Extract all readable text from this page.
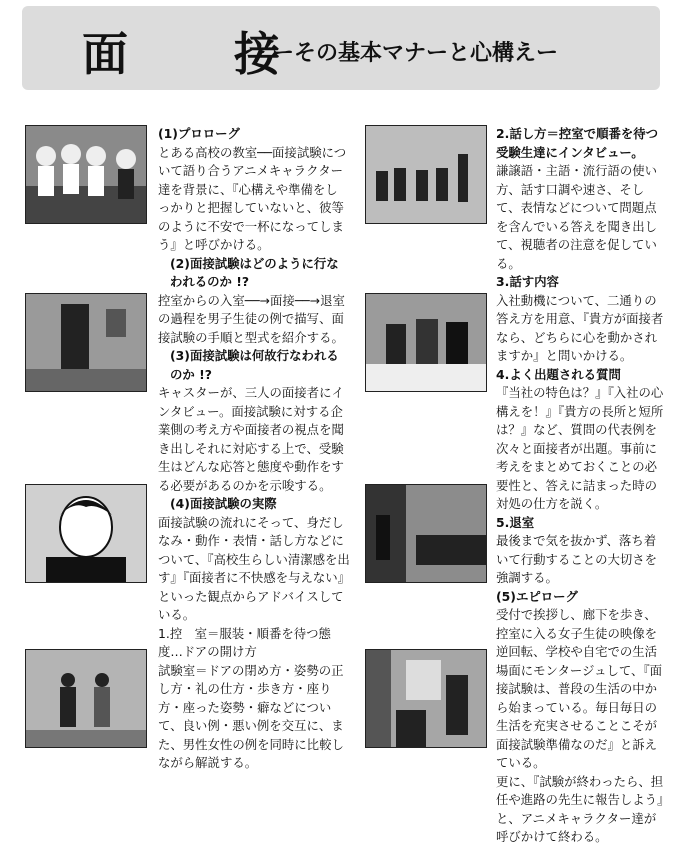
面　接
ーその基本マナーと心構えー

(1)プロローグ

とある高校の教室──面接試験について語り合うアニメキャラクター達を背景に、『心構えや準備をしっかりと把握していないと、彼等のように不安で一杯になってしまう』と呼びかける。

(2)面接試験はどのように行なわれるのか !?

控室からの入室──→面接──→退室の過程を男子生徒の例で描写、面接試験の手順と型式を紹介する。

(3)面接試験は何故行なわれるのか !?

キャスターが、三人の面接者にインタビュー。面接試験に対する企業側の考え方や面接者の視点を聞き出しそれに対応する上で、受験生はどんな応答と態度や動作をする必要があるのかを示唆する。

(4)面接試験の実際

面接試験の流れにそって、身だしなみ・動作・表情・話し方などについて、『高校生らしい清潔感を出す』『面接者に不快感を与えない』といった観点からアドバイスしている。

1.控　室＝服装・順番を待つ態度…ドアの開け方

試験室＝ドアの閉め方・姿勢の正し方・礼の仕方・歩き方・座り方・座った姿勢・癖などについて、良い例・悪い例を交互に、また、男性女性の例を同時に比較しながら解説する。

2.話し方＝控室で順番を待つ受験生達にインタビュー。

謙譲語・主語・流行語の使い方、話す口調や速さ、そして、表情などについて問題点を含んでいる答えを聞き出して、視聴者の注意を促している。

3.話す内容

入社動機について、二通りの答え方を用意、『貴方が面接者なら、どちらに心を動かされますか』と問いかける。

4.よく出題される質問

『当社の特色は？』『入社の心構えを！』『貴方の長所と短所は？』など、質問の代表例を次々と面接者が出題。事前に考えをまとめておくことの必要性と、答えに詰まった時の対処の仕方を説く。

5.退室

最後まで気を抜かず、落ち着いて行動することの大切さを強調する。

(5)エピローグ

受付で挨拶し、廊下を歩き、控室に入る女子生徒の映像を逆回転、学校や自宅での生活場面にモンタージュして、『面接試験は、普段の生活の中から始まっている。毎日毎日の生活を充実させることこそが面接試験準備なのだ』と訴えている。

更に、『試験が終わったら、担任や進路の先生に報告しよう』と、アニメキャラクター達が呼びかけて終わる。
